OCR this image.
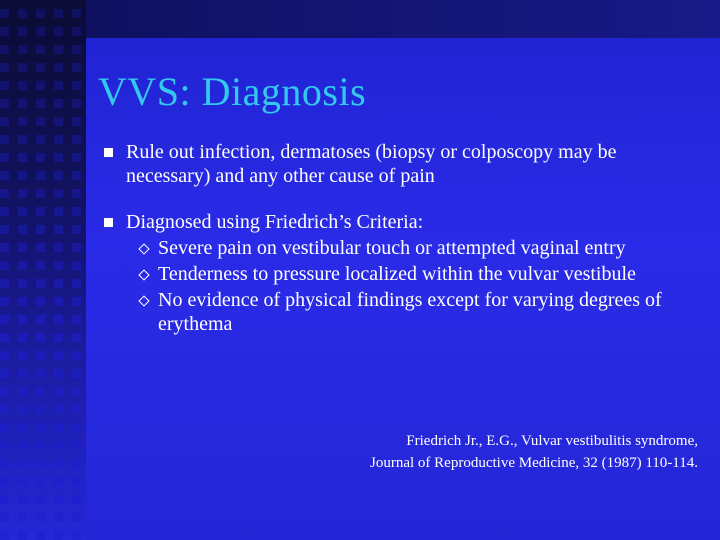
VVS: Diagnosis
Rule out infection, dermatoses (biopsy or colposcopy may be necessary) and any other cause of pain
Diagnosed using Friedrich’s Criteria:
Severe pain on vestibular touch or attempted vaginal entry
Tenderness to pressure localized within the vulvar vestibule
No evidence of physical findings except for varying degrees of erythema
Friedrich Jr., E.G., Vulvar vestibulitis syndrome,
Journal of Reproductive Medicine, 32 (1987) 110-114.
